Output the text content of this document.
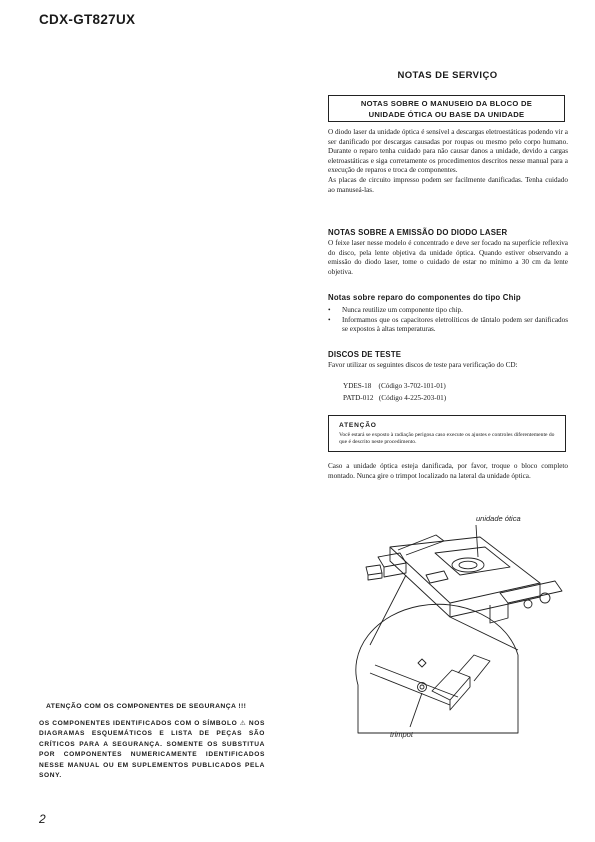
CDX-GT827UX
NOTAS DE SERVIÇO
NOTAS SOBRE O MANUSEIO DA BLOCO DE
UNIDADE ÓTICA OU BASE DA UNIDADE

O diodo laser da unidade óptica é sensível a descargas eletroestáticas podendo vir a ser danificado por descargas causadas por roupas ou mesmo pelo corpo humano. Durante o reparo tenha cuidado para não causar danos a unidade, devido a cargas eletroastáticas e siga corretamente os procedimentos descritos nesse manual para a execução de reparos e troca de componentes.

As placas de circuito impresso podem ser facilmente danificadas. Tenha cuidado ao manuseá-las.

NOTAS SOBRE A EMISSÃO DO DIODO LASER
O feixe laser nesse modelo é concentrado e deve ser focado na superfície reflexiva do disco, pela lente objetiva da unidade óptica. Quando estiver observando a emissão do diodo laser, tome o cuidado de estar no mínimo a 30 cm da lente objetiva.
Notas sobre reparo do componentes do tipo Chip
•	Nunca reutilize um componente tipo chip.
•	Informamos que os capacitores eletrolíticos de tântalo podem ser danificados se expostos à altas temperaturas.
DISCOS DE TESTE
Favor utilizar os seguintes discos de teste para verificação do CD:
YDES-18 (Código 3-702-101-01)
PATD-012 (Código 4-225-203-01)
ATENÇÃO
Você estará se exposto à radiação perigosa caso execute os ajustes e controles diferentemente do que é descrito neste procedimento.
Caso a unidade óptica esteja danificada, por favor, troque o bloco completo montado. Nunca gire o trimpot localizado na lateral da unidade óptica.
unidade ótica
trimpot
ATENÇÃO COM OS COMPONENTES DE SEGURANÇA !!!
OS COMPONENTES IDENTIFICADOS COM O SÍMBOLO ⚠ NOS DIAGRAMAS ESQUEMÁTICOS E LISTA DE PEÇAS SÃO CRÍTICOS PARA A SEGURANÇA. SOMENTE OS SUBSTITUA POR COMPONENTES NUMERICAMENTE IDENTIFICADOS NESSE MANUAL OU EM SUPLEMENTOS PUBLICADOS PELA SONY.
2
